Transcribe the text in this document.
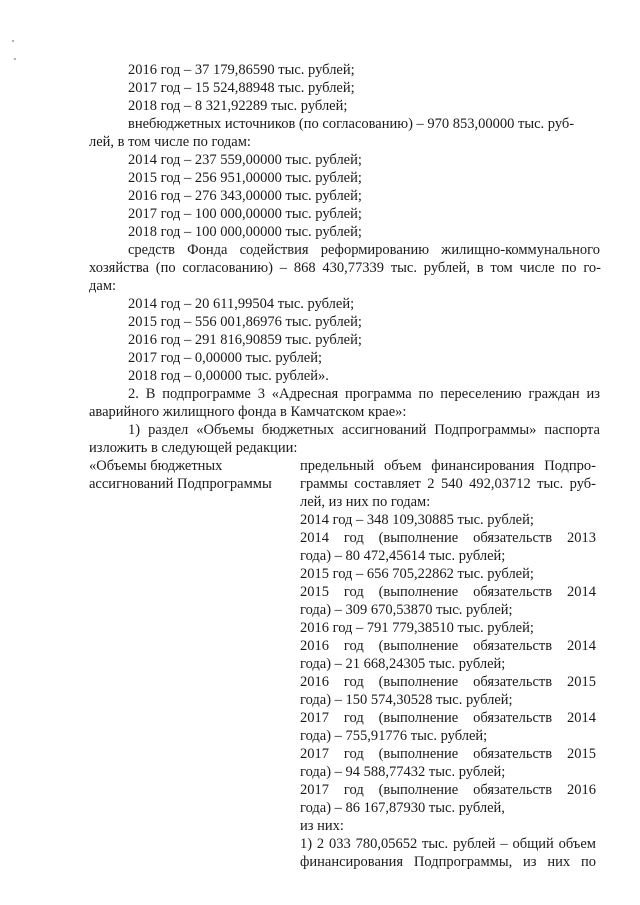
2016 год – 37 179,86590 тыс. рублей;
2017 год – 15 524,88948 тыс. рублей;
2018 год – 8 321,92289 тыс. рублей;
внебюджетных источников (по согласованию) – 970 853,00000 тыс. руб-
лей, в том числе по годам:
2014 год – 237 559,00000 тыс. рублей;
2015 год – 256 951,00000 тыс. рублей;
2016 год – 276 343,00000 тыс. рублей;
2017 год – 100 000,00000 тыс. рублей;
2018 год – 100 000,00000 тыс. рублей;
средств Фонда содействия реформированию жилищно-коммунального
хозяйства (по согласованию) – 868 430,77339 тыс. рублей, в том числе по го-
дам:
2014 год – 20 611,99504 тыс. рублей;
2015 год – 556 001,86976 тыс. рублей;
2016 год – 291 816,90859 тыс. рублей;
2017 год – 0,00000 тыс. рублей;
2018 год – 0,00000 тыс. рублей».
2. В подпрограмме 3 «Адресная программа по переселению граждан из
аварийного жилищного фонда в Камчатском крае»:
1) раздел «Объемы бюджетных ассигнований Подпрограммы» паспорта
изложить в следующей редакции:
«Объемы бюджетных
ассигнований Подпрограммы
предельный объем финансирования Подпро-
граммы составляет 2 540 492,03712 тыс. руб-
лей, из них по годам:
2014 год – 348 109,30885 тыс. рублей;
2014 год (выполнение обязательств 2013
года) – 80 472,45614 тыс. рублей;
2015 год – 656 705,22862 тыс. рублей;
2015 год (выполнение обязательств 2014
года) – 309 670,53870 тыс. рублей;
2016 год – 791 779,38510 тыс. рублей;
2016 год (выполнение обязательств 2014
года) – 21 668,24305 тыс. рублей;
2016 год (выполнение обязательств 2015
года) – 150 574,30528 тыс. рублей;
2017 год (выполнение обязательств 2014
года) – 755,91776 тыс. рублей;
2017 год (выполнение обязательств 2015
года) – 94 588,77432 тыс. рублей;
2017 год (выполнение обязательств 2016
года) – 86 167,87930 тыс. рублей,
из них:
1) 2 033 780,05652 тыс. рублей – общий объем
финансирования Подпрограммы, из них по
